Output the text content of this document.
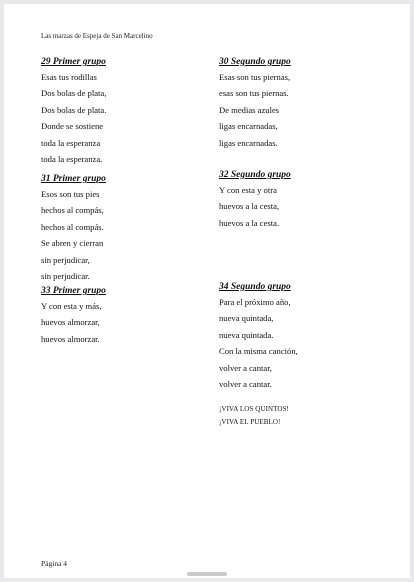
Las marzas de Espeja de San Marcelino
29 Primer grupo
Esas tus rodillas
Dos bolas de plata,
Dos bolas de plata.
Donde se sostiene
toda la esperanza
toda la esperanza.
31 Primer grupo
Esos son tus pies
hechos al compás,
hechos al compás.
Se abren y cierran
sin perjudicar,
sin perjudicar.
33 Primer grupo
Y con esta y más,
huevos almorzar,
huevos almorzar.
30 Segundo grupo
Esas son tus piernas,
esas son tus piernas.
De medias azules
ligas encarnadas,
ligas encarnadas.
32 Segundo grupo
Y con esta y otra
huevos a la cesta,
huevos a la cesta.
34 Segundo grupo
Para el próximo año,
nueva quintada,
nueva quintada.
Con la misma canción,
volver a cantar,
volver a cantar.
¡VIVA LOS QUINTOS!
¡VIVA EL PUEBLO!
Página 4
